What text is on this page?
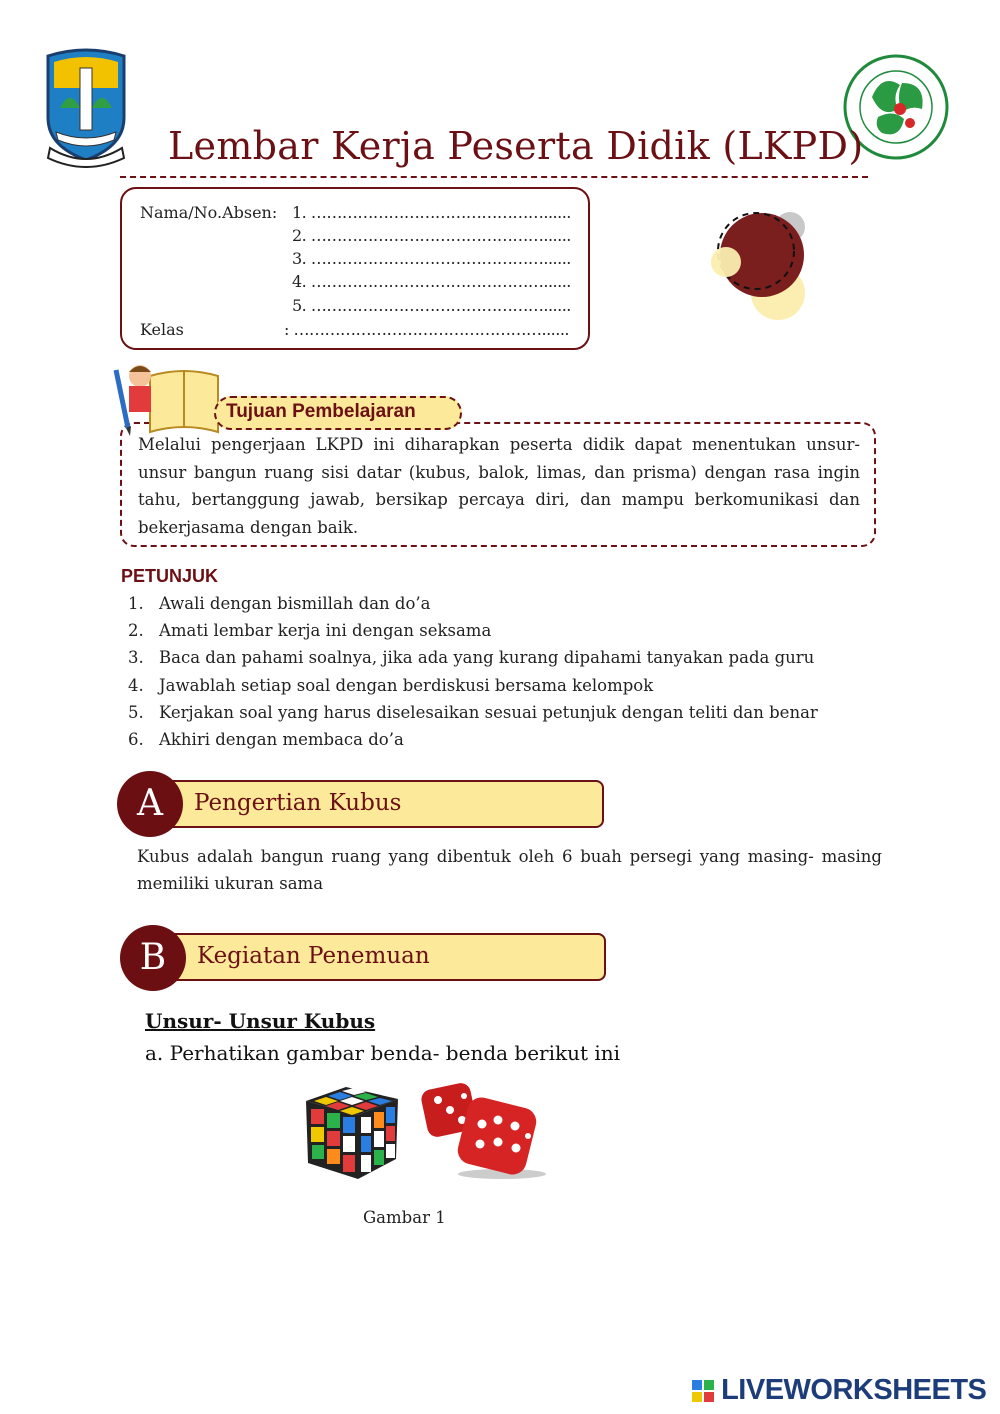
Lembar Kerja Peserta Didik (LKPD)
Nama/No.Absen: 1. ………………………………………......
2. ………………………………………......
3. ………………………………………......
4. ………………………………………......
5. ………………………………………......
Kelas	: …………………………………………......
Tujuan Pembelajaran
Melalui pengerjaan LKPD ini diharapkan peserta didik dapat menentukan unsur-unsur bangun ruang sisi datar (kubus, balok, limas, dan prisma) dengan rasa ingin tahu, bertanggung jawab, bersikap percaya diri, dan mampu berkomunikasi dan bekerjasama dengan baik.
PETUNJUK
1. Awali dengan bismillah dan do’a
2. Amati lembar kerja ini dengan seksama
3. Baca dan pahami soalnya, jika ada yang kurang dipahami tanyakan pada guru
4. Jawablah setiap soal dengan berdiskusi bersama kelompok
5. Kerjakan soal yang harus diselesaikan sesuai petunjuk dengan teliti dan benar
6. Akhiri dengan membaca do’a
A	Pengertian Kubus
Kubus adalah bangun ruang yang dibentuk oleh 6 buah persegi yang masing- masing memiliki ukuran sama
B	Kegiatan Penemuan
Unsur- Unsur Kubus
a. Perhatikan gambar benda- benda berikut ini
Gambar 1
LIVEWORKSHEETS
